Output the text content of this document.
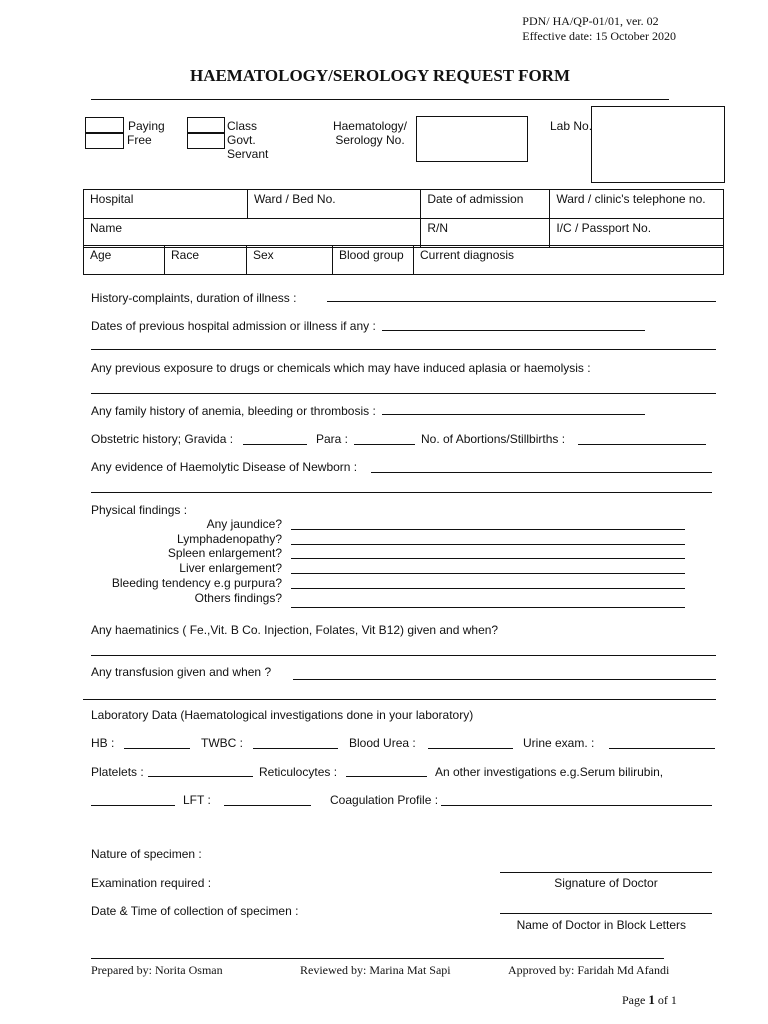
PDN/ HA/QP-01/01, ver. 02
Effective date: 15 October 2020
HAEMATOLOGY/SEROLOGY REQUEST FORM
Paying
Free
Class
Govt.
Servant
Haematology/
Serology No.
Lab No.
Hospital	Ward / Bed No.	Date of admission	Ward / clinic's telephone no.
Name		R/N	I/C / Passport No.
Age	Race	Sex	Blood group	Current diagnosis
History-complaints, duration of illness :
Dates of previous hospital admission or illness if any :
Any previous exposure to drugs or chemicals which may have induced aplasia or haemolysis :
Any family history of anemia, bleeding or thrombosis :
Obstetric history; Gravida :	Para :	No. of Abortions/Stillbirths :
Any evidence of Haemolytic Disease of Newborn :
Physical findings :
Any jaundice?
Lymphadenopathy?
Spleen enlargement?
Liver enlargement?
Bleeding tendency e.g purpura?
Others findings?
Any haematinics ( Fe.,Vit. B Co. Injection, Folates, Vit B12) given and when?
Any transfusion given and when ?
Laboratory Data (Haematological investigations done in your laboratory)
HB :	TWBC :	Blood Urea :	Urine exam. :
Platelets :	Reticulocytes :	An other investigations e.g.Serum bilirubin,
LFT :	Coagulation Profile :
Nature of specimen :
Examination required :	Signature of Doctor
Date & Time of collection of specimen :
Name of Doctor in Block Letters
Prepared by: Norita Osman	Reviewed by: Marina Mat Sapi	Approved by: Faridah Md Afandi
Page 1 of 1
